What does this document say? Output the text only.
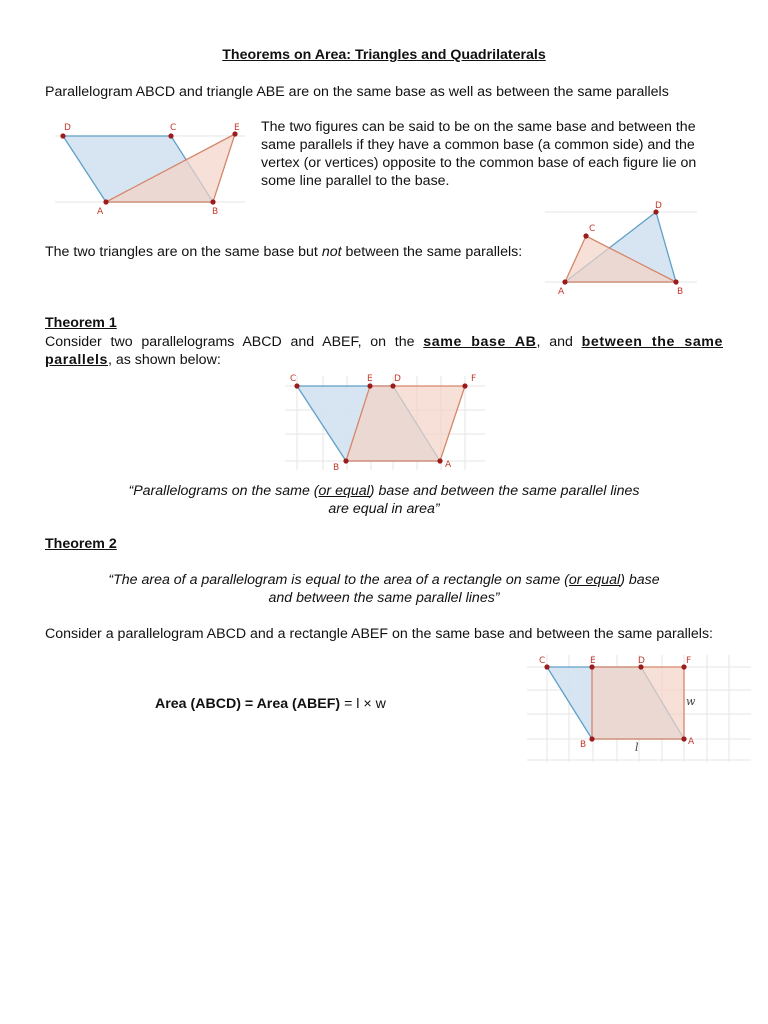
Theorems on Area: Triangles and Quadrilaterals
Parallelogram ABCD and triangle ABE are on the same base as well as between the same parallels
A	B
C
D	E The two figures can be said to be on the same base and between the same parallels if they have a common base (a common side) and the vertex (or vertices) opposite to the common base of each figure lie on some line parallel to the base.
A	B
C
D
The two triangles are on the same base but not between the same parallels:
Theorem 1
Consider two parallelograms ABCD and ABEF, on the same base AB, and between the same parallels, as shown below:
A
B
C	D
E	F
“Parallelograms on the same (or equal) base and between the same parallel lines
are equal in area”
Theorem 2
“The area of a parallelogram is equal to the area of a rectangle on same (or equal) base
and between the same parallel lines”
Consider a parallelogram ABCD and a rectangle ABEF on the same base and between the same parallels:
Area (ABCD) = Area (ABEF) = l × w
A
B
C	D
E	F
l
w
